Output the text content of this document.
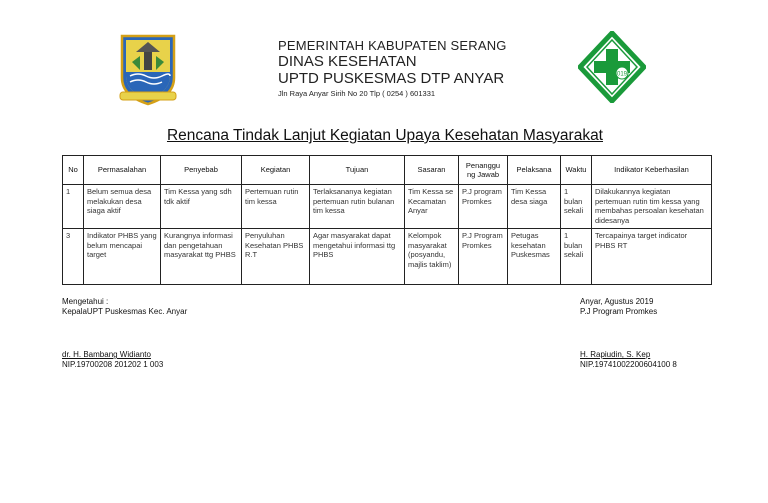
PEMERINTAH KABUPATEN SERANG
DINAS KESEHATAN
UPTD PUSKESMAS DTP ANYAR
Jln Raya Anyar Sirih No 20 Tlp ( 0254 ) 601331
019
Rencana Tindak Lanjut Kegiatan Upaya Kesehatan Masyarakat
No	Permasalahan	Penyebab	Kegiatan	Tujuan	Sasaran	Penanggu ng Jawab	Pelaksana	Waktu	Indikator Keberhasilan
1	Belum semua desa melakukan desa siaga aktif	Tim Kessa yang sdh tdk aktif	Pertemuan rutin tim kessa	Terlaksananya kegiatan pertemuan rutin bulanan tim kessa	Tim Kessa se Kecamatan Anyar	P.J program Promkes	Tim Kessa desa siaga	1 bulan sekali	Dilakukannya kegiatan pertemuan rutin tim kessa yang membahas persoalan kesehatan didesanya
3	Indikator PHBS yang belum mencapai target	Kurangnya informasi dan pengetahuan masyarakat ttg PHBS	Penyuluhan Kesehatan PHBS R.T	Agar masyarakat dapat mengetahui informasi ttg PHBS	Kelompok masyarakat (posyandu, majlis taklim)	P.J Program Promkes	Petugas kesehatan Puskesmas	1 bulan sekali	Tercapainya target indicator PHBS RT
Mengetahui :
KepalaUPT Puskesmas Kec. Anyar
dr. H. Bambang Widianto
NIP.19700208 201202 1 003
Anyar, Agustus 2019
P.J Program Promkes
H. Rapiudin, S. Kep
NIP.19741002200604100 8
